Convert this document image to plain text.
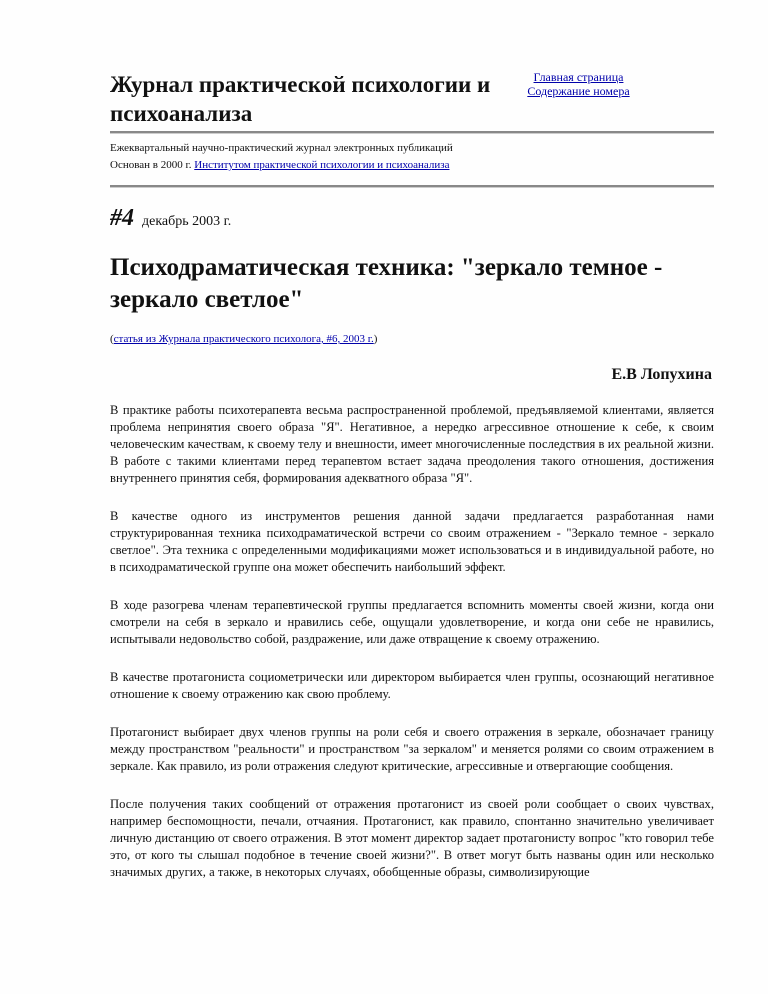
Журнал практической психологии и психоанализа
Главная страница
Содержание номера
Ежеквартальный научно-практический журнал электронных публикаций
Основан в 2000 г. Институтом практической психологии и психоанализа
#4 декабрь 2003 г.
Психодраматическая техника: "зеркало темное - зеркало светлое"
(статья из Журнала практического психолога, #6, 2003 г.)
Е.В Лопухина

В практике работы психотерапевта весьма распространенной проблемой, предъявляемой клиентами, является проблема непринятия своего образа "Я". Негативное, а нередко агрессивное отношение к себе, к своим человеческим качествам, к своему телу и внешности, имеет многочисленные последствия в их реальной жизни. В работе с такими клиентами перед терапевтом встает задача преодоления такого отношения, достижения внутреннего принятия себя, формирования адекватного образа "Я".

В качестве одного из инструментов решения данной задачи предлагается разработанная нами структурированная техника психодраматической встречи со своим отражением - "Зеркало темное - зеркало светлое". Эта техника с определенными модификациями может использоваться и в индивидуальной работе, но в психодраматической группе она может обеспечить наибольший эффект.

В ходе разогрева членам терапевтической группы предлагается вспомнить моменты своей жизни, когда они смотрели на себя в зеркало и нравились себе, ощущали удовлетворение, и когда они себе не нравились, испытывали недовольство собой, раздражение, или даже отвращение к своему отражению.

В качестве протагониста социометрически или директором выбирается член группы, осознающий негативное отношение к своему отражению как свою проблему.

Протагонист выбирает двух членов группы на роли себя и своего отражения в зеркале, обозначает границу между пространством "реальности" и пространством "за зеркалом" и меняется ролями со своим отражением в зеркале. Как правило, из роли отражения следуют критические, агрессивные и отвергающие сообщения.

После получения таких сообщений от отражения протагонист из своей роли сообщает о своих чувствах, например беспомощности, печали, отчаяния. Протагонист, как правило, спонтанно значительно увеличивает личную дистанцию от своего отражения. В этот момент директор задает протагонисту вопрос "кто говорил тебе это, от кого ты слышал подобное в течение своей жизни?". В ответ могут быть названы один или несколько значимых других, а также, в некоторых случаях, обобщенные образы, символизирующие
